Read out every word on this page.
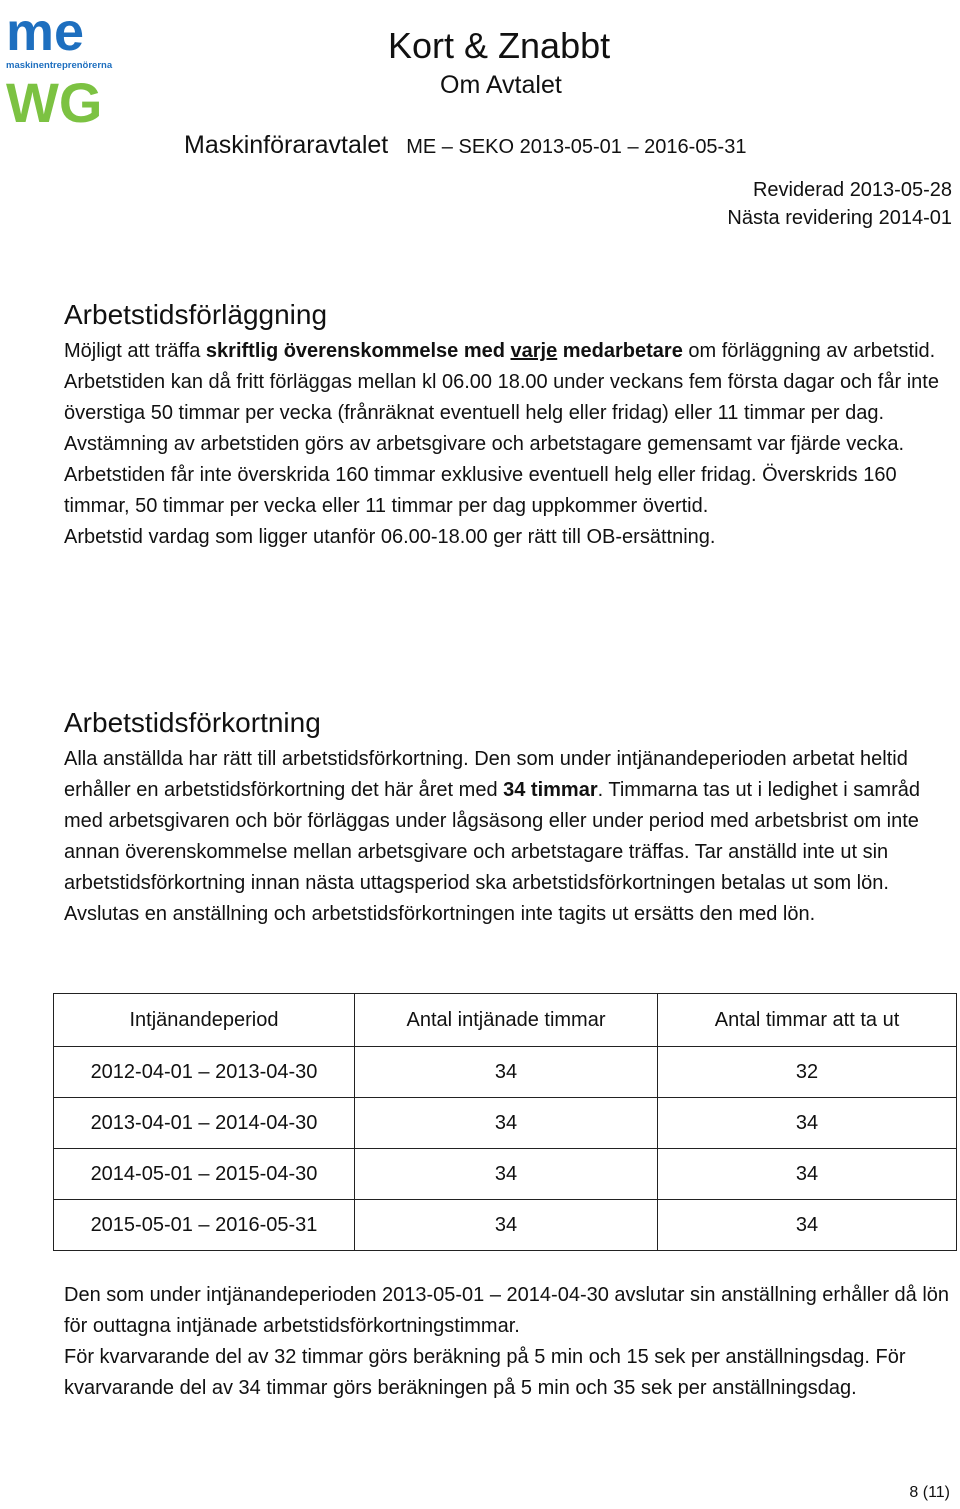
me
maskinentreprenörerna
WG
Kort & Znabbt
Om Avtalet
Maskinföraravtalet ME – SEKO 2013-05-01 – 2016-05-31
Reviderad 2013-05-28
Nästa revidering 2014-01
Arbetstidsförläggning

Möjligt att träffa skriftlig överenskommelse med varje medarbetare om förläggning av arbetstid. Arbetstiden kan då fritt förläggas mellan kl 06.00 18.00 under veckans fem första dagar och får inte överstiga 50 timmar per vecka (frånräknat eventuell helg eller fridag) eller 11 timmar per dag.

Avstämning av arbetstiden görs av arbetsgivare och arbetstagare gemensamt var fjärde vecka. Arbetstiden får inte överskrida 160 timmar exklusive eventuell helg eller fridag. Överskrids 160 timmar, 50 timmar per vecka eller 11 timmar per dag uppkommer övertid.

Arbetstid vardag som ligger utanför 06.00-18.00 ger rätt till OB-ersättning.

Arbetstidsförkortning

Alla anställda har rätt till arbetstidsförkortning. Den som under intjänandeperioden arbetat heltid erhåller en arbetstidsförkortning det här året med 34 timmar. Timmarna tas ut i ledighet i samråd med arbetsgivaren och bör förläggas under lågsäsong eller under period med arbetsbrist om inte annan överenskommelse mellan arbetsgivare och arbetstagare träffas. Tar anställd inte ut sin arbetstidsförkortning innan nästa uttagsperiod ska arbetstidsförkortningen betalas ut som lön. Avslutas en anställning och arbetstidsförkortningen inte tagits ut ersätts den med lön.

Intjänandeperiod	Antal intjänade timmar	Antal timmar att ta ut
2012-04-01 – 2013-04-30	34	32
2013-04-01 – 2014-04-30	34	34
2014-05-01 – 2015-04-30	34	34
2015-05-01 – 2016-05-31	34	34

Den som under intjänandeperioden 2013-05-01 – 2014-04-30 avslutar sin anställning erhåller då lön för outtagna intjänade arbetstidsförkortningstimmar.

För kvarvarande del av 32 timmar görs beräkning på 5 min och 15 sek per anställningsdag. För kvarvarande del av 34 timmar görs beräkningen på 5 min och 35 sek per anställningsdag.

8 (11)
